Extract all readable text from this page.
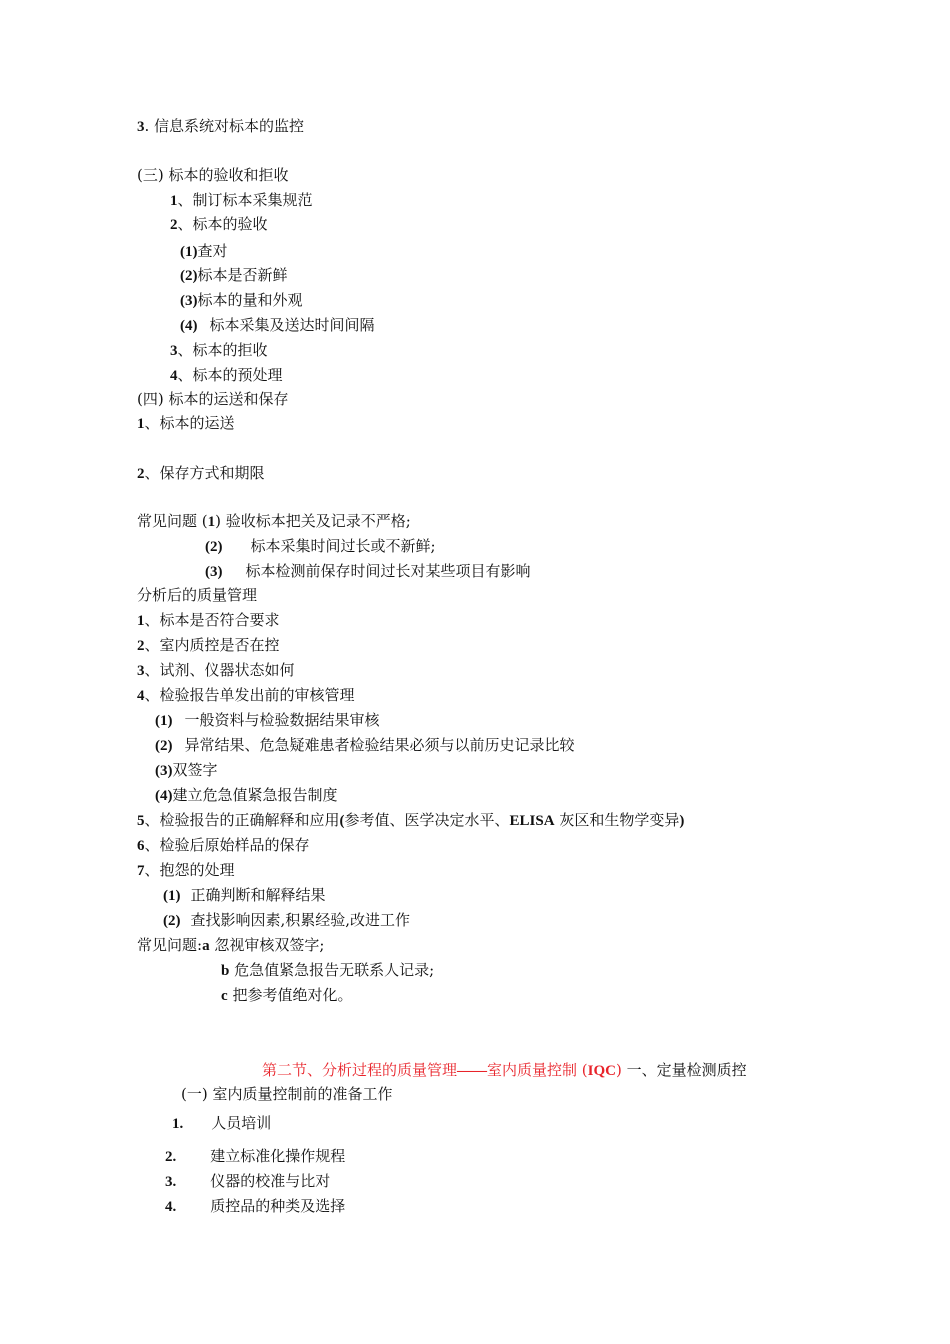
3. 信息系统对标本的监控
(三) 标本的验收和拒收
1、制订标本采集规范
2、标本的验收
(1)查对
(2)标本是否新鲜
(3)标本的量和外观
(4) 标本采集及送达时间间隔
3、标本的拒收
4、标本的预处理
(四) 标本的运送和保存
1、标本的运送
2、保存方式和期限
常见问题 (1) 验收标本把关及记录不严格;
(2) 标本采集时间过长或不新鲜;
(3) 标本检测前保存时间过长对某些项目有影响
分析后的质量管理
1、标本是否符合要求
2、室内质控是否在控
3、试剂、仪器状态如何
4、检验报告单发出前的审核管理
(1) 一般资料与检验数据结果审核
(2) 异常结果、危急疑难患者检验结果必须与以前历史记录比较
(3)双签字
(4)建立危急值紧急报告制度
5、检验报告的正确解释和应用(参考值、医学决定水平、ELISA 灰区和生物学变异)
6、检验后原始样品的保存
7、抱怨的处理
(1) 正确判断和解释结果
(2) 查找影响因素,积累经验,改进工作
常见问题:a 忽视审核双签字;
b 危急值紧急报告无联系人记录;
c 把参考值绝对化。
第二节、分析过程的质量管理——室内质量控制 (IQC) 一、定量检测质控
(一) 室内质量控制前的准备工作
1. 人员培训
2. 建立标准化操作规程
3. 仪器的校准与比对
4. 质控品的种类及选择
